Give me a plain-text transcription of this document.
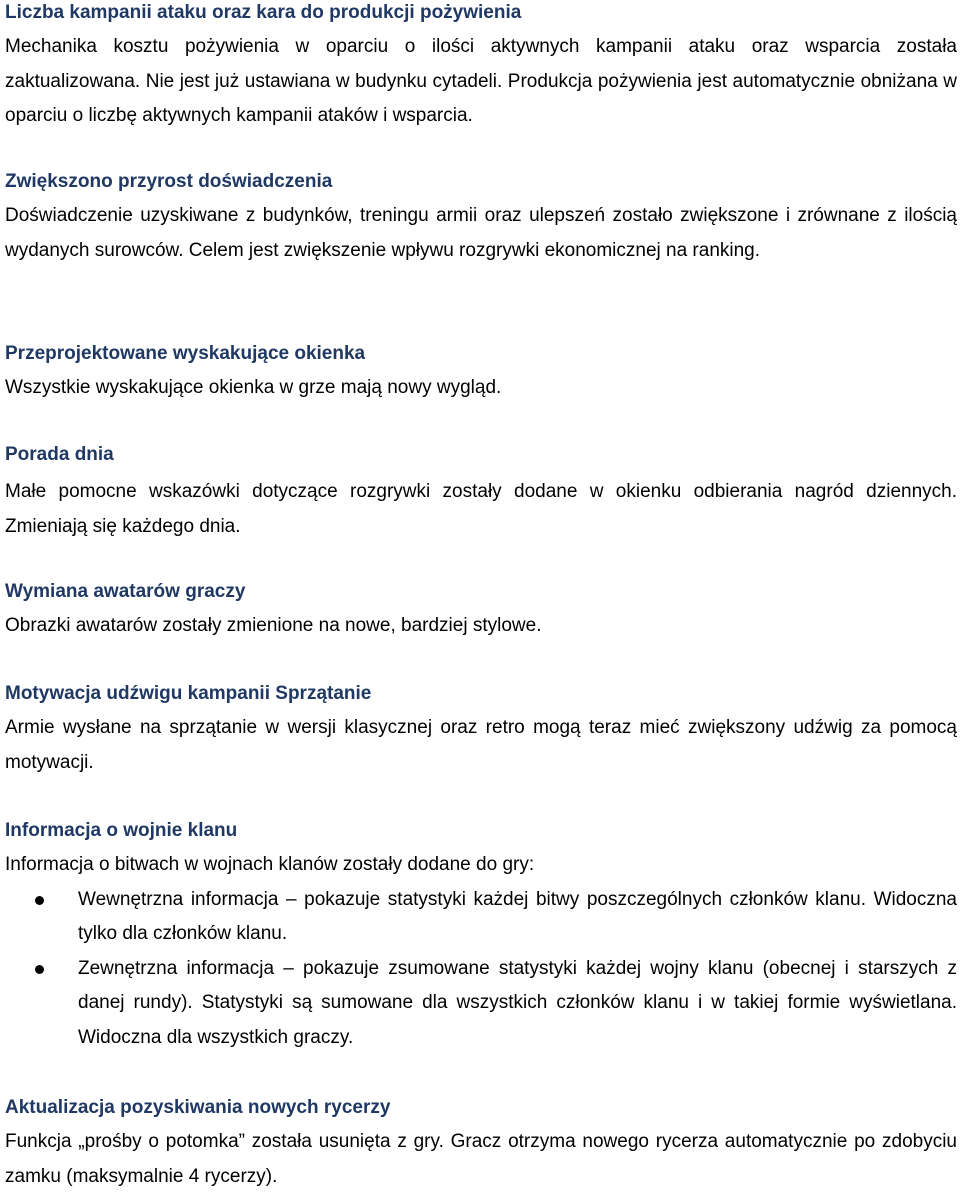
Liczba kampanii ataku oraz kara do produkcji pożywienia

Mechanika kosztu pożywienia w oparciu o ilości aktywnych kampanii ataku oraz wsparcia została zaktualizowana. Nie jest już ustawiana w budynku cytadeli. Produkcja pożywienia jest automatycznie obniżana w oparciu o liczbę aktywnych kampanii ataków i wsparcia.

Zwiększono przyrost doświadczenia

Doświadczenie uzyskiwane z budynków, treningu armii oraz ulepszeń zostało zwiększone i zrównane z ilością wydanych surowców. Celem jest zwiększenie wpływu rozgrywki ekonomicznej na ranking.

Przeprojektowane wyskakujące okienka

Wszystkie wyskakujące okienka w grze mają nowy wygląd.

Porada dnia

Małe pomocne wskazówki dotyczące rozgrywki zostały dodane w okienku odbierania nagród dziennych. Zmieniają się każdego dnia.

Wymiana awatarów graczy

Obrazki awatarów zostały zmienione na nowe, bardziej stylowe.

Motywacja udźwigu kampanii Sprzątanie

Armie wysłane na sprzątanie w wersji klasycznej oraz retro mogą teraz mieć zwiększony udźwig za pomocą motywacji.

Informacja o wojnie klanu

Informacja o bitwach w wojnach klanów zostały dodane do gry:

Wewnętrzna informacja – pokazuje statystyki każdej bitwy poszczególnych członków klanu. Widoczna tylko dla członków klanu.
Zewnętrzna informacja – pokazuje zsumowane statystyki każdej wojny klanu (obecnej i starszych z danej rundy). Statystyki są sumowane dla wszystkich członków klanu i w takiej formie wyświetlana. Widoczna dla wszystkich graczy.
Aktualizacja pozyskiwania nowych rycerzy

Funkcja „prośby o potomka” została usunięta z gry. Gracz otrzyma nowego rycerza automatycznie po zdobyciu zamku (maksymalnie 4 rycerzy).
